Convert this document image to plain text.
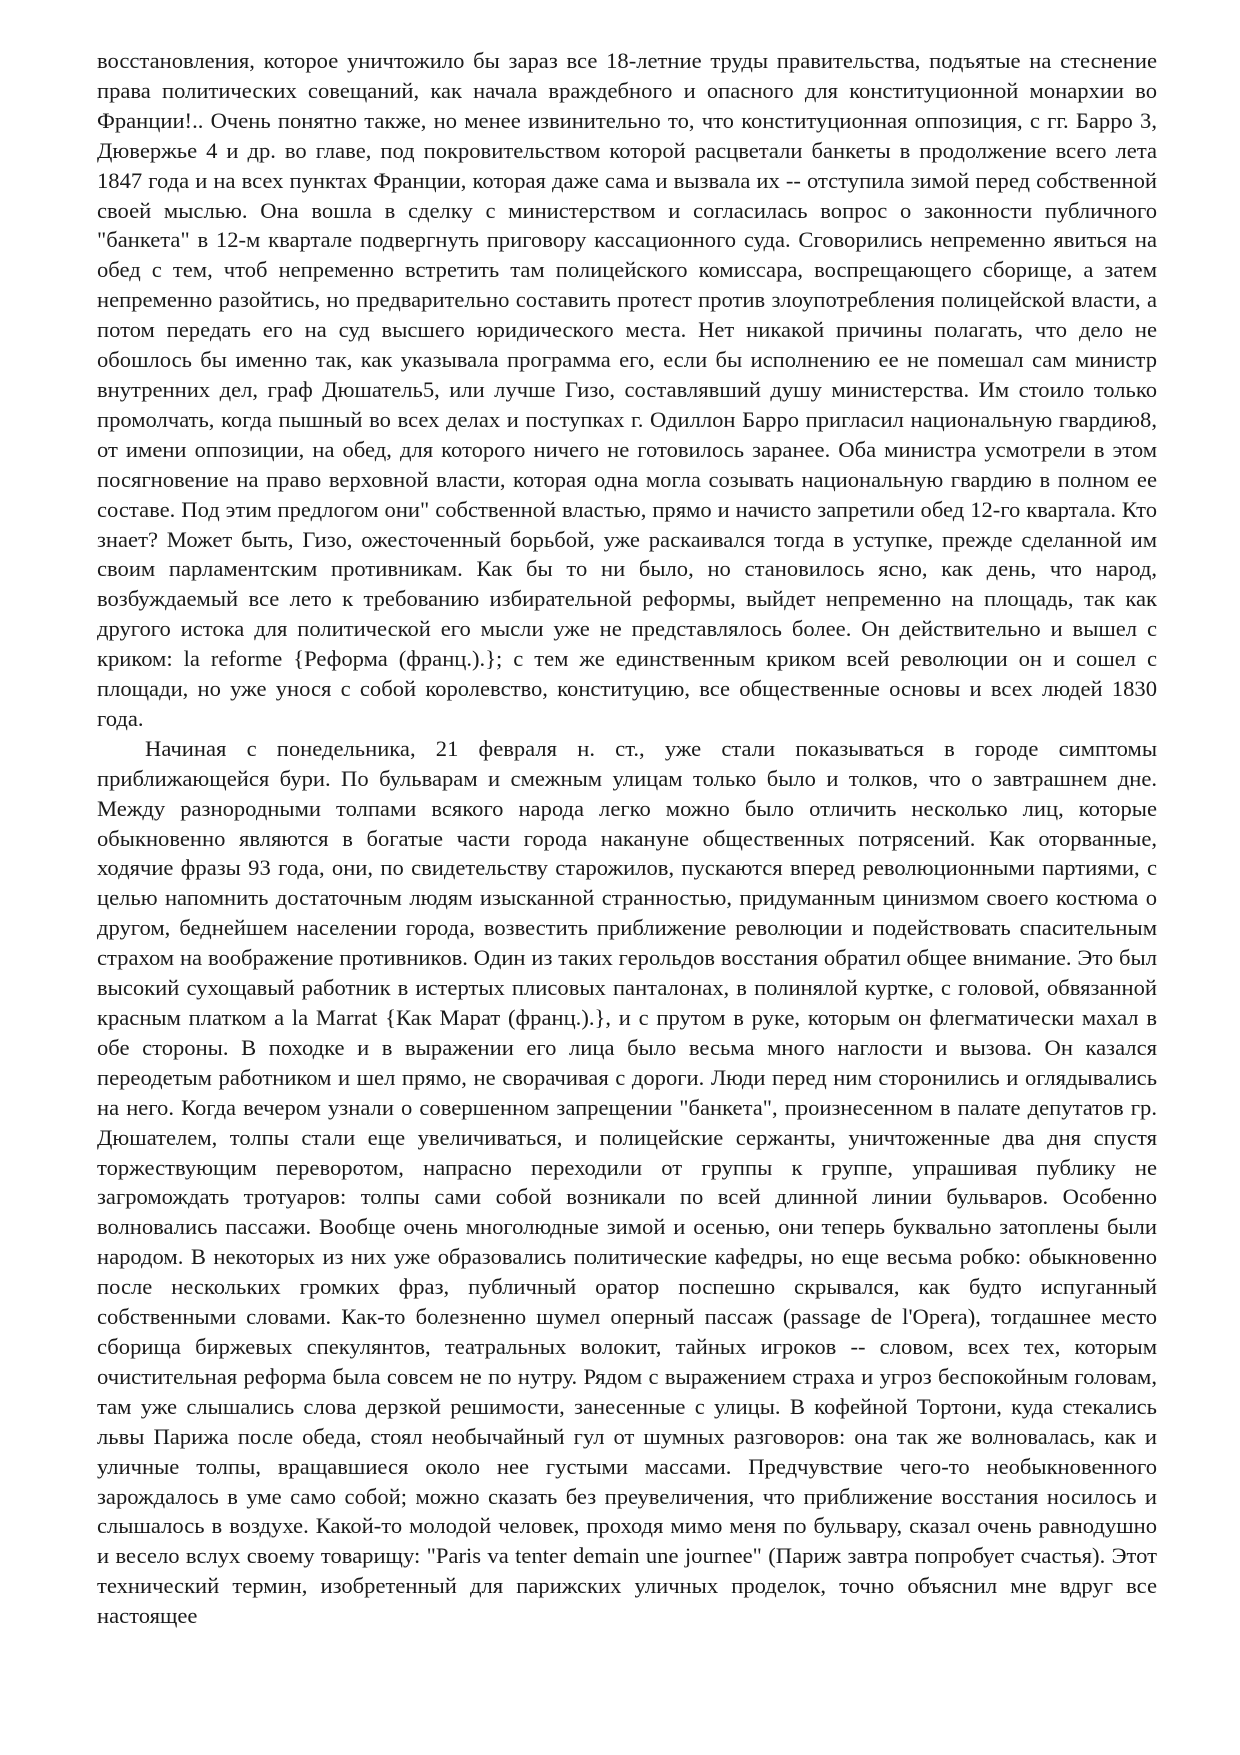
восстановления, которое уничтожило бы зараз все 18-летние труды правительства, подъятые на стеснение права политических совещаний, как начала враждебного и опасного для конституционной монархии во Франции!.. Очень понятно также, но менее извинительно то, что конституционная оппозиция, с гг. Барро 3, Дювержье 4 и др. во главе, под покровительством которой расцветали банкеты в продолжение всего лета 1847 года и на всех пунктах Франции, которая даже сама и вызвала их -- отступила зимой перед собственной своей мыслью. Она вошла в сделку с министерством и согласилась вопрос о законности публичного "банкета" в 12-м квартале подвергнуть приговору кассационного суда. Сговорились непременно явиться на обед с тем, чтоб непременно встретить там полицейского комиссара, воспрещающего сборище, а затем непременно разойтись, но предварительно составить протест против злоупотребления полицейской власти, а потом передать его на суд высшего юридического места. Нет никакой причины полагать, что дело не обошлось бы именно так, как указывала программа его, если бы исполнению ее не помешал сам министр внутренних дел, граф Дюшатель5, или лучше Гизо, составлявший душу министерства. Им стоило только промолчать, когда пышный во всех делах и поступках г. Одиллон Барро пригласил национальную гвардию8, от имени оппозиции, на обед, для которого ничего не готовилось заранее. Оба министра усмотрели в этом посягновение на право верховной власти, которая одна могла созывать национальную гвардию в полном ее составе. Под этим предлогом они" собственной властью, прямо и начисто запретили обед 12-го квартала. Кто знает? Может быть, Гизо, ожесточенный борьбой, уже раскаивался тогда в уступке, прежде сделанной им своим парламентским противникам. Как бы то ни было, но становилось ясно, как день, что народ, возбуждаемый все лето к требованию избирательной реформы, выйдет непременно на площадь, так как другого истока для политической его мысли уже не представлялось более. Он действительно и вышел с криком: la reforme {Реформа (франц.).}; с тем же единственным криком всей революции он и сошел с площади, но уже унося с собой королевство, конституцию, все общественные основы и всех людей 1830 года.

Начиная с понедельника, 21 февраля н. ст., уже стали показываться в городе симптомы приближающейся бури. По бульварам и смежным улицам только было и толков, что о завтрашнем дне. Между разнородными толпами всякого народа легко можно было отличить несколько лиц, которые обыкновенно являются в богатые части города накануне общественных потрясений. Как оторванные, ходячие фразы 93 года, они, по свидетельству старожилов, пускаются вперед революционными партиями, с целью напомнить достаточным людям изысканной странностью, придуманным цинизмом своего костюма о другом, беднейшем населении города, возвестить приближение революции и подействовать спасительным страхом на воображение противников. Один из таких герольдов восстания обратил общее внимание. Это был высокий сухощавый работник в истертых плисовых панталонах, в полинялой куртке, с головой, обвязанной красным платком a la Marrat {Как Марат (франц.).}, и с прутом в руке, которым он флегматически махал в обе стороны. В походке и в выражении его лица было весьма много наглости и вызова. Он казался переодетым работником и шел прямо, не сворачивая с дороги. Люди перед ним сторонились и оглядывались на него. Когда вечером узнали о совершенном запрещении "банкета", произнесенном в палате депутатов гр. Дюшателем, толпы стали еще увеличиваться, и полицейские сержанты, уничтоженные два дня спустя торжествующим переворотом, напрасно переходили от группы к группе, упрашивая публику не загромождать тротуаров: толпы сами собой возникали по всей длинной линии бульваров. Особенно волновались пассажи. Вообще очень многолюдные зимой и осенью, они теперь буквально затоплены были народом. В некоторых из них уже образовались политические кафедры, но еще весьма робко: обыкновенно после нескольких громких фраз, публичный оратор поспешно скрывался, как будто испуганный собственными словами. Как-то болезненно шумел оперный пассаж (passage de l'Opera), тогдашнее место сборища биржевых спекулянтов, театральных волокит, тайных игроков -- словом, всех тех, которым очистительная реформа была совсем не по нутру. Рядом с выражением страха и угроз беспокойным головам, там уже слышались слова дерзкой решимости, занесенные с улицы. В кофейной Тортони, куда стекались львы Парижа после обеда, стоял необычайный гул от шумных разговоров: она так же волновалась, как и уличные толпы, вращавшиеся около нее густыми массами. Предчувствие чего-то необыкновенного зарождалось в уме само собой; можно сказать без преувеличения, что приближение восстания носилось и слышалось в воздухе. Какой-то молодой человек, проходя мимо меня по бульвару, сказал очень равнодушно и весело вслух своему товарищу: "Paris va tenter demain une journee" (Париж завтра попробует счастья). Этот технический термин, изобретенный для парижских уличных проделок, точно объяснил мне вдруг все настоящее
